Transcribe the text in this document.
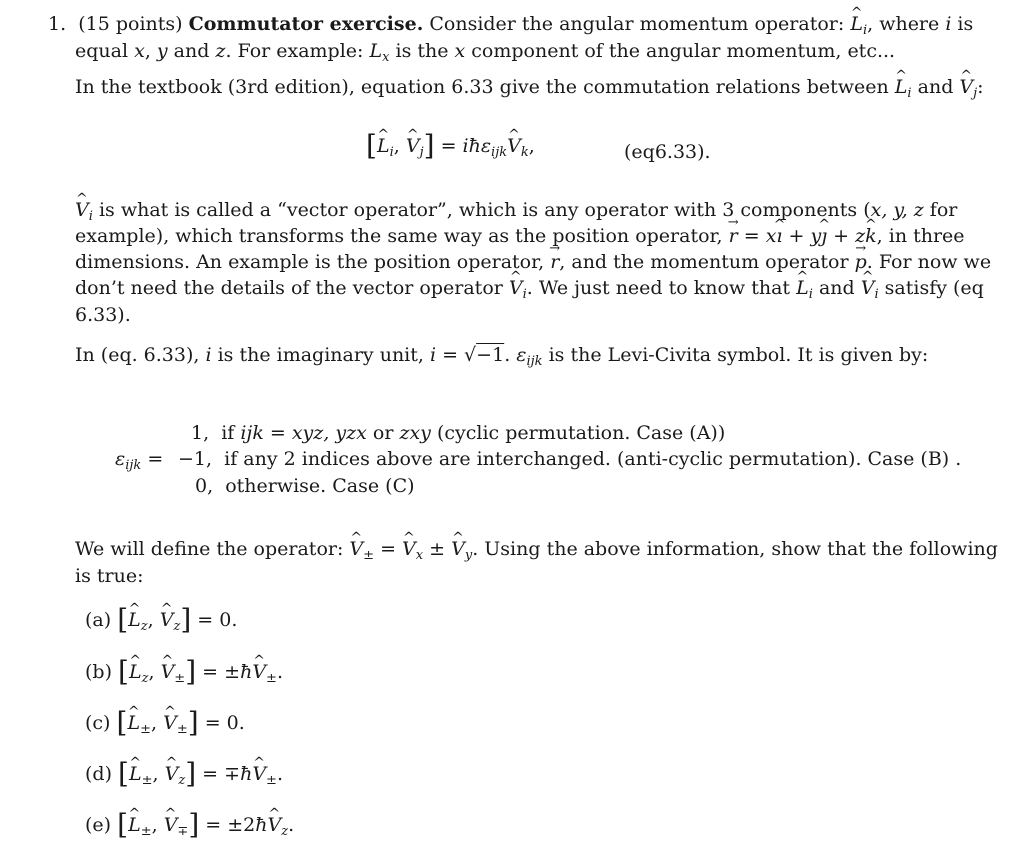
1. (15 points) Commutator exercise. Consider the angular momentum operator: ^ $L_i$, where i is
equal x, y and z. For example: $L_x$ is the x component of the angular momentum, etc...
In the textbook (3rd edition), equation 6.33 give the commutation relations between ^ $L_i$ and ^ $V_j$:
[^ $L_i$, ^ $V_j$] = iħε$_{ijk}$^ $V_k$,	(eq6.33).
^ $V_i$ is what is called a “vector operator”, which is any operator with 3 components (x, y, z for
example), which transforms the same way as the position operator, → r = x^ ı + y^ ȷ + z^ k, in three
dimensions. An example is the position operator, → r, and the momentum operator → p. For now we
don’t need the details of the vector operator ^ $V_i$. We just need to know that ^ $L_i$ and ^ $V_i$ satisfy (eq
6.33).
In (eq. 6.33), i is the imaginary unit, i = √−1. $\varepsilon_{ijk}$ is the Levi-Civita symbol. It is given by:
$\varepsilon_{ijk}$ =
1,  if ijk = xyz, yzx or zxy (cyclic permutation. Case (A))
−1,  if any 2 indices above are interchanged. (anti-cyclic permutation). Case (B) .
0,  otherwise. Case (C)
We will define the operator: ^ $V_\pm$ = ^ $V_x$ ± ^ $V_y$. Using the above information, show that the following
is true:
(a) [^ $L_z$, ^ $V_z] = 0$.
(b) [^ $L_z$, ^ $V_\pm$] = ±ħ^ $V_\pm$.
(c) [^ $L_\pm$, ^ $V_\pm] = 0$.
(d) [^ $L_\pm$, ^ $V_z$] = ∓ħ^ $V_\pm$.
(e) [^ $L_\pm$, ^ $V_\mp$] = ±2ħ^ $V_z$.
